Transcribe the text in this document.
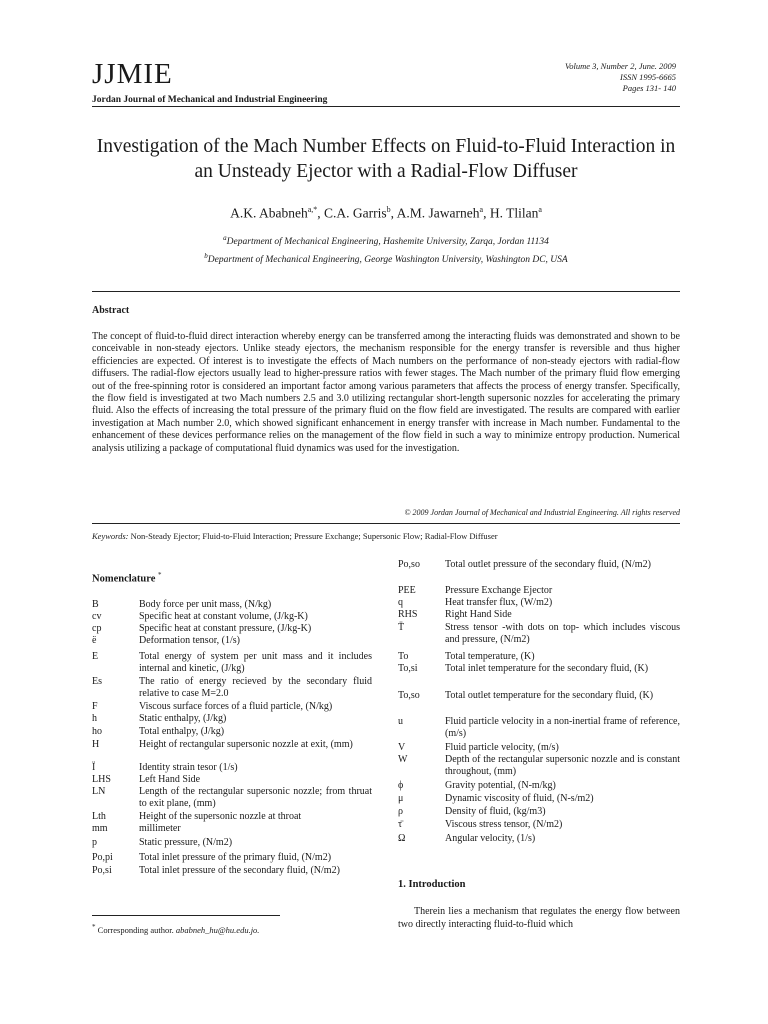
JJMIE
Jordan Journal of Mechanical and Industrial Engineering
Volume 3, Number 2, June. 2009
ISSN 1995-6665
Pages 131- 140
Investigation of the Mach Number Effects on Fluid-to-Fluid Interaction in an Unsteady Ejector with a Radial-Flow Diffuser
A.K. Ababneh$^{a,*}$, C.A. Garris$^b$, A.M. Jawarneh$^a$, H. Tlilan$^a$
$^a$Department of Mechanical Engineering, Hashemite University, Zarqa, Jordan 11134
$^b$Department of Mechanical Engineering, George Washington University, Washington DC, USA
Abstract
The concept of fluid-to-fluid direct interaction whereby energy can be transferred among the interacting fluids was demonstrated and shown to be conceivable in non-steady ejectors. Unlike steady ejectors, the mechanism responsible for the energy transfer is reversible and thus higher efficiencies are expected. Of interest is to investigate the effects of Mach numbers on the performance of non-steady ejectors with radial-flow diffusers. The radial-flow ejectors usually lead to higher-pressure ratios with fewer stages. The Mach number of the primary fluid flow emerging out of the free-spinning rotor is considered an important factor among various parameters that affects the process of energy transfer. Specifically, the flow field is investigated at two Mach numbers 2.5 and 3.0 utilizing rectangular short-length supersonic nozzles for accelerating the primary fluid. Also the effects of increasing the total pressure of the primary fluid on the flow field are investigated. The results are compared with earlier investigation at Mach number 2.0, which showed significant enhancement in energy transfer with increase in Mach number. Fundamental to the enhancement of these devices performance relies on the management of the flow field in such a way to minimize entropy production. Numerical analysis utilizing a package of computational fluid dynamics was used for the investigation.
© 2009 Jordan Journal of Mechanical and Industrial Engineering. All rights reserved
Keywords: Non-Steady Ejector; Fluid-to-Fluid Interaction; Pressure Exchange; Supersonic Flow; Radial-Flow Diffuser
Nomenclature *
B	Body force per unit mass, (N/kg)
cv	Specific heat at constant volume, (J/kg-K)
cp	Specific heat at constant pressure, (J/kg-K)
ë	Deformation tensor, (1/s)
E	Total energy of system per unit mass and it includes internal and kinetic, (J/kg)
Es	The ratio of energy recieved by the secondary fluid relative to case M=2.0
F	Viscous surface forces of a fluid particle, (N/kg)
h	Static enthalpy, (J/kg)
ho	Total enthalpy, (J/kg)
H	Height of rectangular supersonic nozzle at exit, (mm)
Ï	Identity strain tesor (1/s)
LHS	Left Hand Side
LN	Length of the rectangular supersonic nozzle; from thruat to exit plane, (mm)
Lth	Height of the supersonic nozzle at throat
mm	millimeter
p	Static pressure, (N/m2)
Po,pi	Total inlet pressure of the primary fluid, (N/m2)
Po,si	Total inlet pressure of the secondary fluid, (N/m2)
Po,so	Total outlet pressure of the secondary fluid, (N/m2)
PEE	Pressure Exchange Ejector
q	Heat transfer flux, (W/m2)
RHS	Right Hand Side
T̈	Stress tensor -with dots on top- which includes viscous and pressure, (N/m2)
To	Total temperature, (K)
To,si	Total inlet temperature for the secondary fluid, (K)
To,so	Total outlet temperature for the secondary fluid, (K)
u	Fluid particle velocity in a non-inertial frame of reference, (m/s)
V	Fluid particle velocity, (m/s)
W	Depth of the rectangular supersonic nozzle and is constant throughout, (mm)
ϕ	Gravity potential, (N-m/kg)
μ	Dynamic viscosity of fluid, (N-s/m2)
ρ	Density of fluid, (kg/m3)
τ̈	Viscous stress tensor, (N/m2)
Ω	Angular velocity, (1/s)
* Corresponding author. ababneh_hu@hu.edu.jo.
1. Introduction
Therein lies a mechanism that regulates the energy flow between two directly interacting fluid-to-fluid which
